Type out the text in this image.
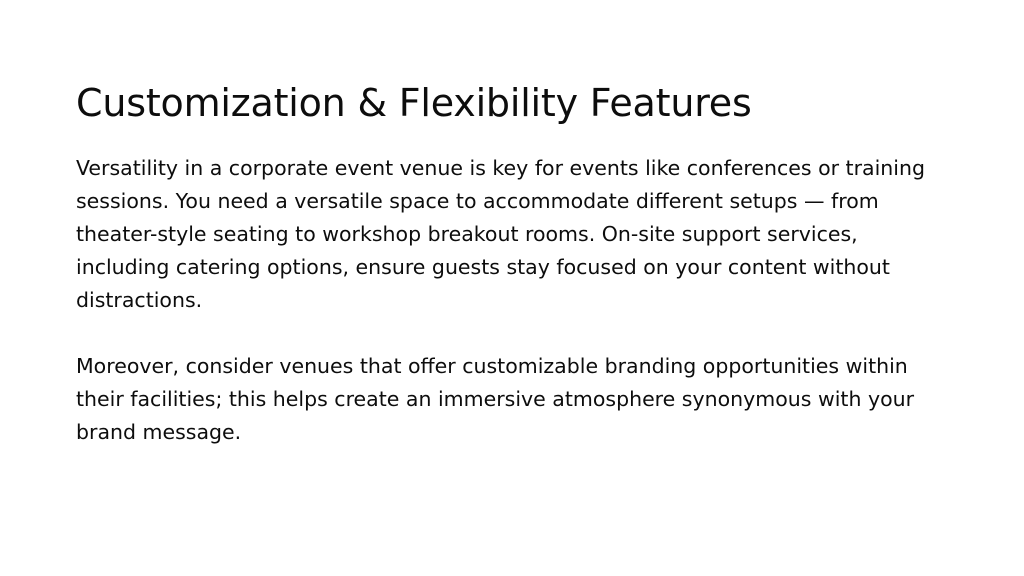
Customization & Flexibility Features

Versatility in a corporate event venue is key for events like conferences or training sessions. You need a versatile space to accommodate different setups — from theater-style seating to workshop breakout rooms. On-site support services, including catering options, ensure guests stay focused on your content without distractions.

Moreover, consider venues that offer customizable branding opportunities within their facilities; this helps create an immersive atmosphere synonymous with your brand message.
